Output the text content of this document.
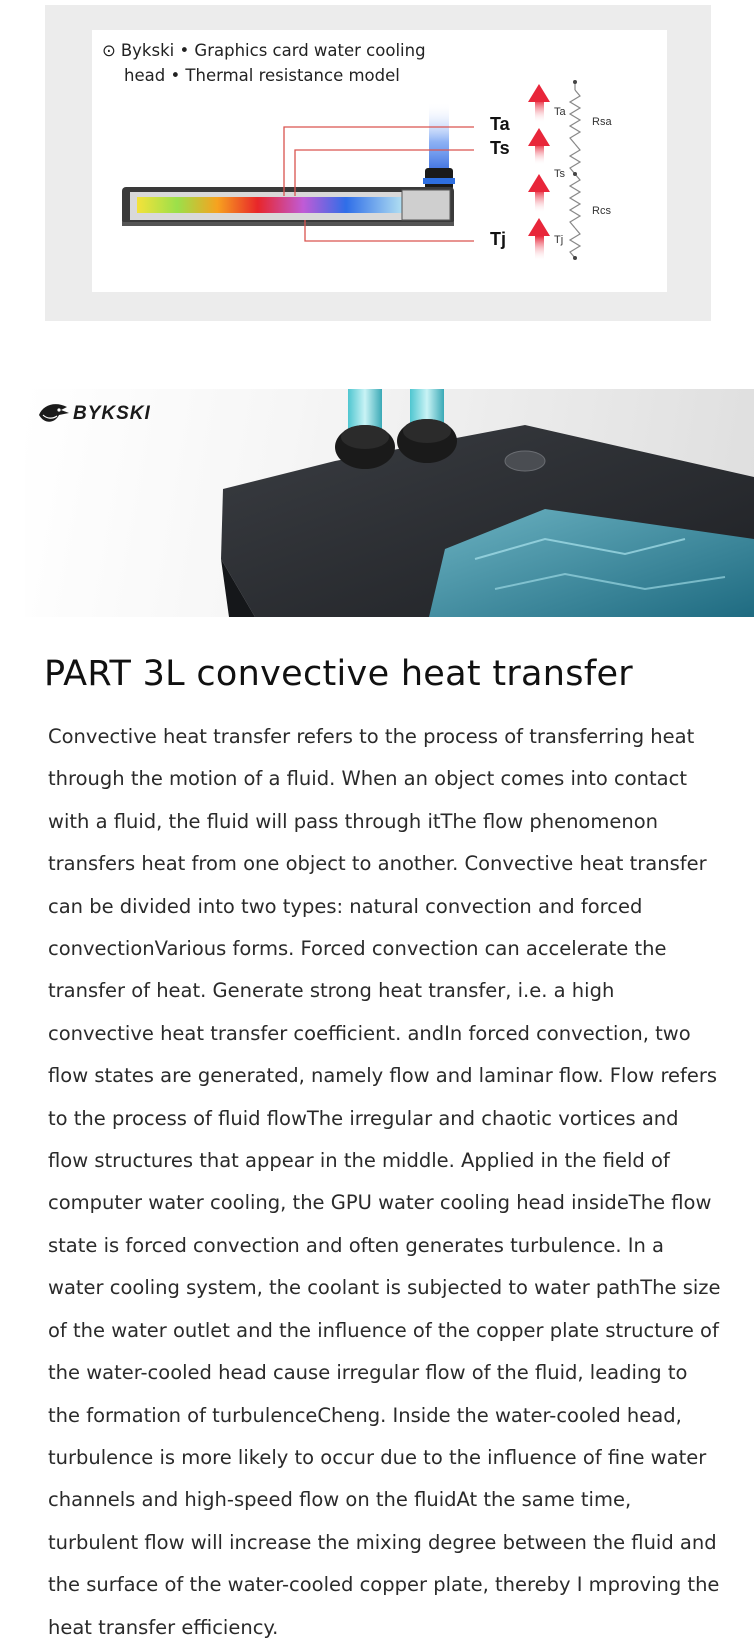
⊙ Bykski • Graphics card water cooling
head • Thermal resistance model
Ta
Ts
Tj
Ta
Ts
Tj
Rsa
Rcs
BYKSKI
PART 3L convective heat transfer

Convective heat transfer refers to the process of transferring heat through the motion of a fluid. When an object comes into contact with a fluid, the fluid will pass through itThe flow phenomenon transfers heat from one object to another. Convective heat transfer can be divided into two types: natural convection and forced convectionVarious forms. Forced convection can accelerate the transfer of heat. Generate strong heat transfer, i.e. a high convective heat transfer coefficient. andIn forced convection, two flow states are generated, namely flow and laminar flow. Flow refers to the process of fluid flowThe irregular and chaotic vortices and flow structures that appear in the middle. Applied in the field of computer water cooling, the GPU water cooling head insideThe flow state is forced convection and often generates turbulence. In a water cooling system, the coolant is subjected to water pathThe size of the water outlet and the influence of the copper plate structure of the water-cooled head cause irregular flow of the fluid, leading to the formation of turbulenceCheng. Inside the water-cooled head, turbulence is more likely to occur due to the influence of fine water channels and high-speed flow on the fluidAt the same time, turbulent flow will increase the mixing degree between the fluid and the surface of the water-cooled copper plate, thereby I mproving the heat transfer efficiency.
